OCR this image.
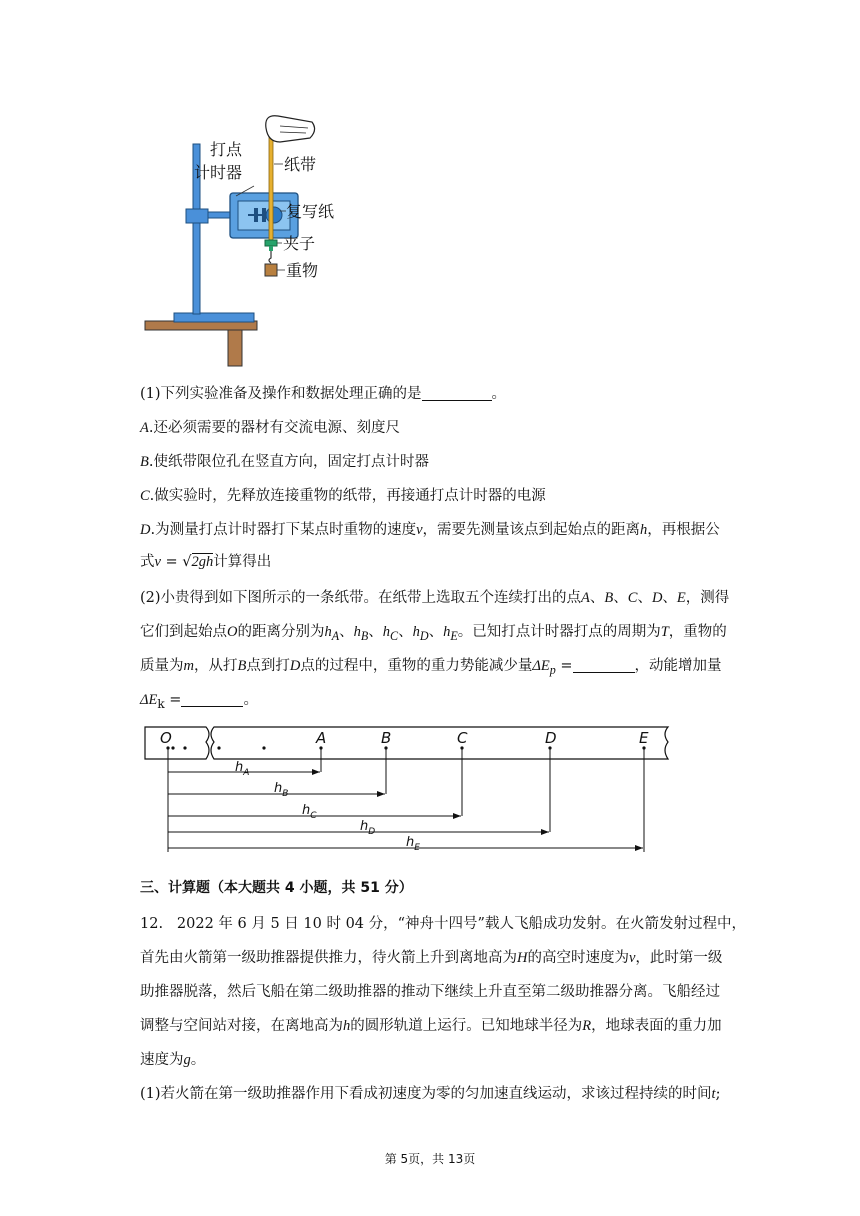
打点
计时器	纸带
复写纸
夹子
重物
(1)下列实验准备及操作和数据处理正确的是	。
A.还必须需要的器材有交流电源、刻度尺
B.使纸带限位孔在竖直方向，固定打点计时器
C.做实验时，先释放连接重物的纸带，再接通打点计时器的电源
D.为测量打点计时器打下某点时重物的速度v，需要先测量该点到起始点的距离h，再根据公
式v = √2gh计算得出
(2)小贵得到如下图所示的一条纸带。在纸带上选取五个连续打出的点A、B、C、D、E，测得
它们到起始点O的距离分别为$h_A$、$h_B$、$h_C$、$h_D$、$h_E$。已知打点计时器打点的周期为T，重物的
质量为m，从打B点到打D点的过程中，重物的重力势能减少量$\Delta E_p$ =	，动能增加量
$\Delta E_k$ =	。
O	A	B	C	D	E
$h_A$
$h_B$
$h_C$
$h_D$
$h_E$
三、计算题（本大题共 4 小题，共 51 分）
12. 2022 年 6 月 5 日 10 时 04 分，“神舟十四号”载人飞船成功发射。在火箭发射过程中，
首先由火箭第一级助推器提供推力，待火箭上升到离地高为H的高空时速度为v，此时第一级
助推器脱落，然后飞船在第二级助推器的推动下继续上升直至第二级助推器分离。飞船经过
调整与空间站对接，在离地高为h的圆形轨道上运行。已知地球半径为R，地球表面的重力加
速度为g。
(1)若火箭在第一级助推器作用下看成初速度为零的匀加速直线运动，求该过程持续的时间t;
第 5页，共 13页
